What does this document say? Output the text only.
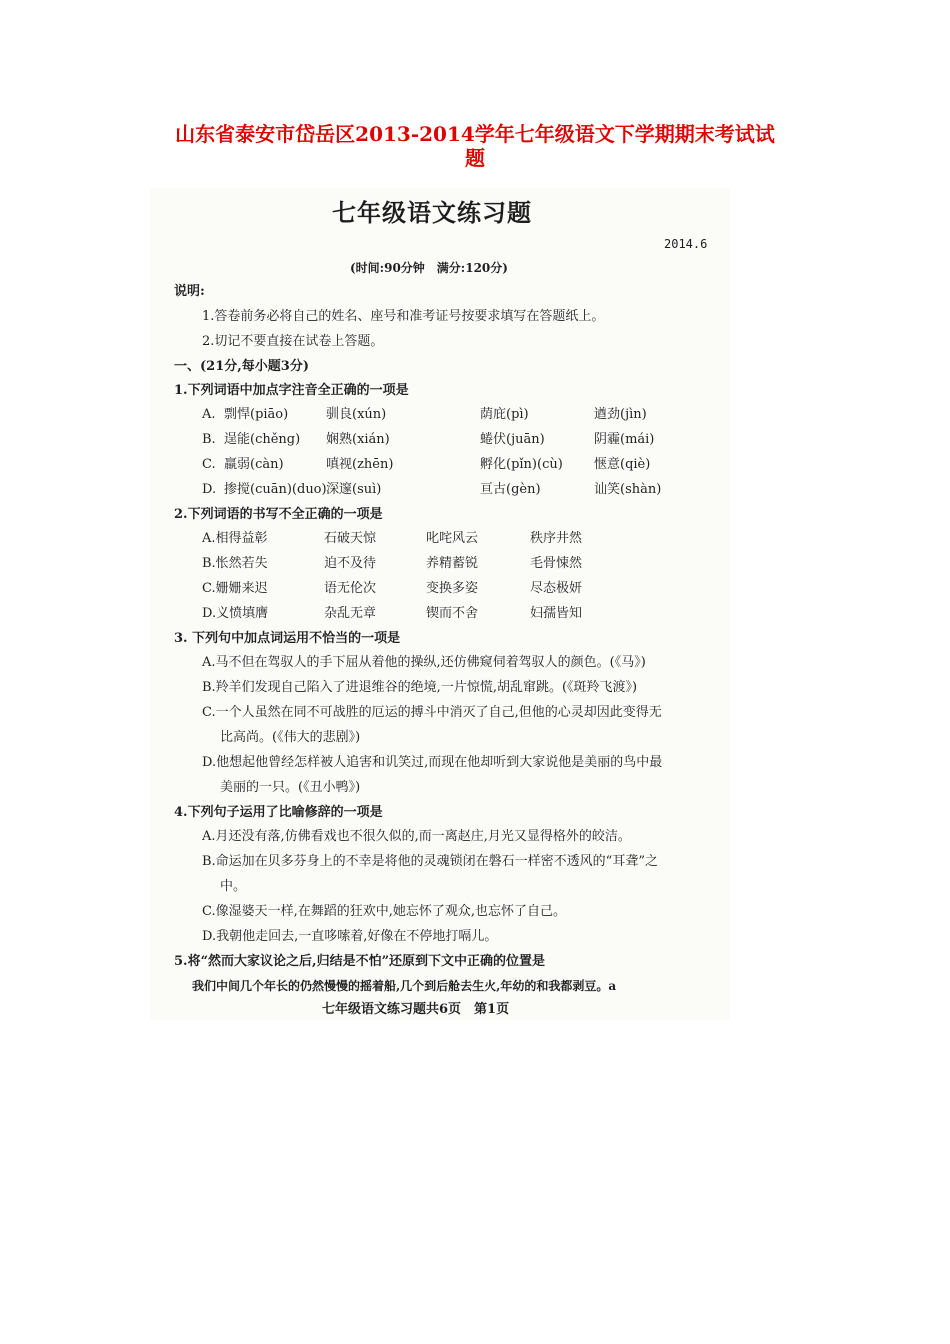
山东省泰安市岱岳区2013-2014学年七年级语文下学期期末考试试
题
七年级语文练习题
2014.6
(时间:90分钟　满分:120分)
说明:
1.答卷前务必将自己的姓名、座号和准考证号按要求填写在答题纸上。
2.切记不要直接在试卷上答题。
一、(21分,每小题3分)
1.下列词语中加点字注音全正确的一项是
A. 剽悍(piāo)	驯良(xún)	荫庇(pì)	遒劲(jìn)
B. 逞能(chěng) 娴熟(xián)	蜷伏(juān)	阴霾(mái)
C. 羸弱(càn)	嗔视(zhēn)	孵化(pǐn)(cù) 惬意(qiè)
D. 掺搅(cuān)(duo) 深邃(suì)	亘古(gèn)	讪笑(shàn)
2.下列词语的书写不全正确的一项是
A.相得益彰	石破天惊	叱咤风云	秩序井然
B.怅然若失	迫不及待	养精蓄锐	毛骨悚然
C.姗姗来迟	语无伦次	变换多姿	尽态极妍
D.义愤填膺	杂乱无章	锲而不舍	妇孺皆知
3. 下列句中加点词运用不恰当的一项是
A.马不但在驾驭人的手下屈从着他的操纵,还仿佛窥伺着驾驭人的颜色。(《马》)
B.羚羊们发现自己陷入了进退维谷的绝境,一片惊慌,胡乱窜跳。(《斑羚飞渡》)
C.一个人虽然在同不可战胜的厄运的搏斗中消灭了自己,但他的心灵却因此变得无
比高尚。(《伟大的悲剧》)
D.他想起他曾经怎样被人追害和讥笑过,而现在他却听到大家说他是美丽的鸟中最
美丽的一只。(《丑小鸭》)
4.下列句子运用了比喻修辞的一项是
A.月还没有落,仿佛看戏也不很久似的,而一离赵庄,月光又显得格外的皎洁。
B.命运加在贝多芬身上的不幸是将他的灵魂锁闭在磐石一样密不透风的“耳聋”之
中。
C.像湿婆天一样,在舞蹈的狂欢中,她忘怀了观众,也忘怀了自己。
D.我朝他走回去,一直哆嗦着,好像在不停地打嗝儿。
5.将“然而大家议论之后,归结是不怕”还原到下文中正确的位置是
我们中间几个年长的仍然慢慢的摇着船,几个到后舱去生火,年幼的和我都剥豆。a
七年级语文练习题共6页　第1页
